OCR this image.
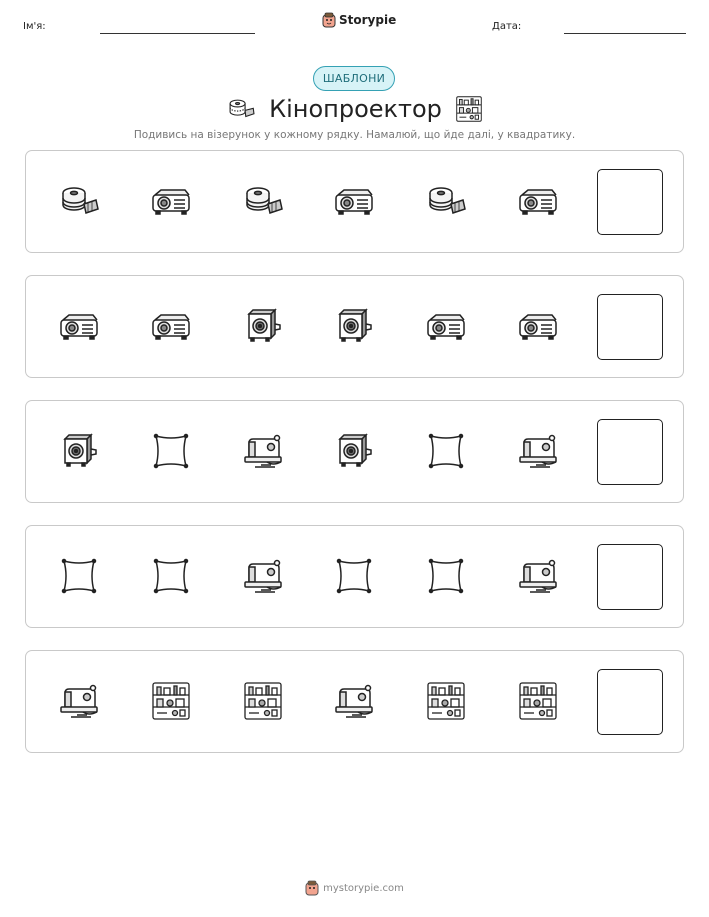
Ім'я:	Storypie	Дата:
ШАБЛОНИ
Кінопроектор
Подивись на візерунок у кожному рядку. Намалюй, що йде далі, у квадратику.
mystorypie.com
